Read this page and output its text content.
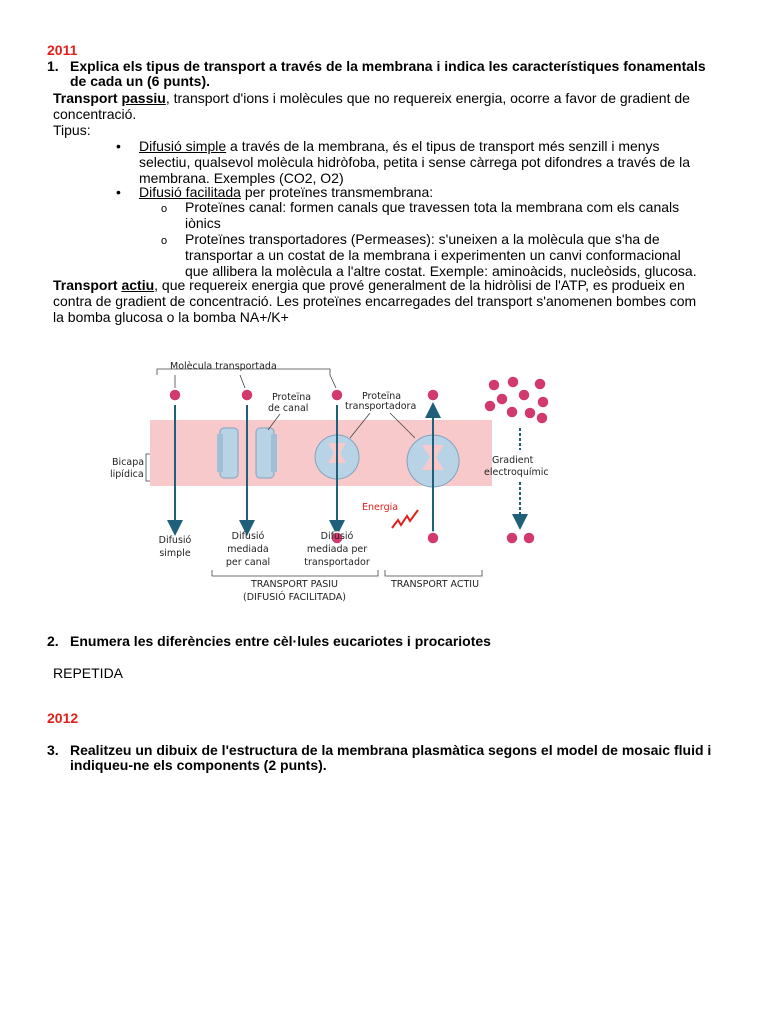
2011
1. Explica els tipus de transport a través de la membrana i indica les característiques fonamentals
de cada un (6 punts).
Transport passiu, transport d'ions i molècules que no requereix energia, ocorre a favor de gradient de
concentració.
Tipus:
• Difusió simple a través de la membrana, és el tipus de transport més senzill i menys
selectiu, qualsevol molècula hidròfoba, petita i sense càrrega pot difondres a través de la
membrana. Exemples (CO2, O2)
• Difusió facilitada per proteïnes transmembrana:
o Proteïnes canal: formen canals que travessen tota la membrana com els canals
iònics
o Proteïnes transportadores (Permeases): s'uneixen a la molècula que s'ha de
transportar a un costat de la membrana i experimenten un canvi conformacional
que allibera la molècula a l'altre costat. Exemple: aminoàcids, nucleòsids, glucosa.
Transport actiu, que requereix energia que prové generalment de la hidròlisi de l'ATP, es produeix en
contra de gradient de concentració. Les proteïnes encarregades del transport s'anomenen bombes com
la bomba glucosa o la bomba NA+/K+
Molècula transportada
Proteïna
de canal
Proteïna
transportadora
Energia
Bicapa
lipídica
Gradient
electroquímic
Difusió
simple
Difusió
mediada
per canal
Difusió
mediada per
transportador
TRANSPORT PASIU
(DIFUSIÓ FACILITADA)
TRANSPORT ACTIU
2. Enumera les diferències entre cèl·lules eucariotes i procariotes
REPETIDA
2012
3. Realitzeu un dibuix de l'estructura de la membrana plasmàtica segons el model de mosaic fluid i
indiqueu-ne els components (2 punts).
